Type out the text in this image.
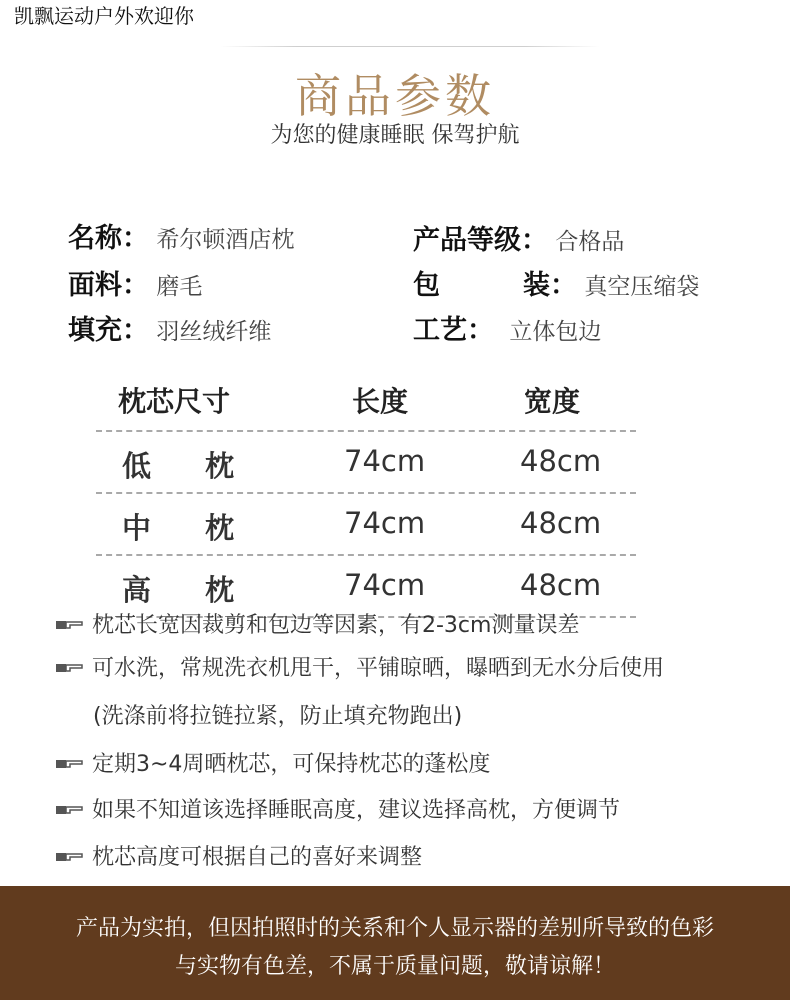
凯飘运动户外欢迎你
商品参数
为您的健康睡眠 保驾护航
名称： 希尔顿酒店枕	产品等级： 合格品
面料： 磨毛	包	装： 真空压缩袋
填充： 羽丝绒纤维	工艺： 立体包边
枕芯尺寸	长度	宽度
低枕 74cm	48cm
中枕 74cm	48cm
高枕 74cm	48cm
枕芯长宽因裁剪和包边等因素，有2-3cm测量误差
可水洗，常规洗衣机甩干，平铺晾晒，曝晒到无水分后使用
(洗涤前将拉链拉紧，防止填充物跑出)
定期3~4周晒枕芯，可保持枕芯的蓬松度
如果不知道该选择睡眠高度，建议选择高枕，方便调节
枕芯高度可根据自己的喜好来调整

产品为实拍，但因拍照时的关系和个人显示器的差别所导致的色彩

与实物有色差，不属于质量问题，敬请谅解！
